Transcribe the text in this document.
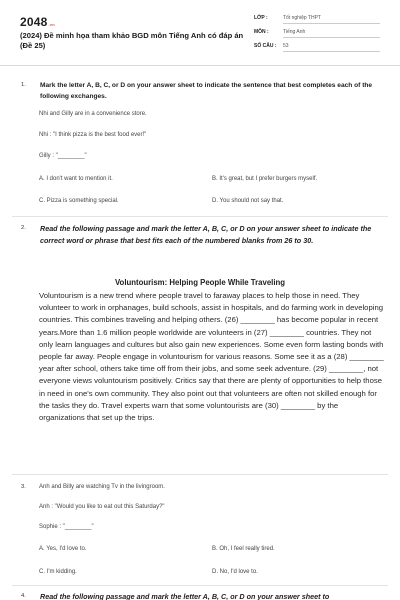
2048.vn
(2024) Đề minh họa tham khảo BGD môn Tiếng Anh có đáp án (Đề 25)
LỚP :	Tốt nghiệp THPT
MÔN :	Tiếng Anh
SỐ CÂU : 53
1. Mark the letter A, B, C, or D on your answer sheet to indicate the sentence that best completes each of the following exchanges.
Nhi and Gilly are in a convenience store.
Nhi : "I think pizza is the best food ever!"
Gilly : "________"
A. I don't want to mention it.	B. It's great, but I prefer burgers myself.
C. Pizza is something special.	D. You should not say that.
2. Read the following passage and mark the letter A, B, C, or D on your answer sheet to indicate the correct word or phrase that best fits each of the numbered blanks from 26 to 30.
Voluntourism: Helping People While Traveling
Voluntourism is a new trend where people travel to faraway places to help those in need. They volunteer to work in orphanages, build schools, assist in hospitals, and do farming work in developing countries. This combines traveling and helping others. (26) ________ has become popular in recent years.More than 1.6 million people worldwide are volunteers in (27) ________ countries. They not only learn languages and cultures but also gain new experiences. Some even form lasting bonds with people far away. People engage in voluntourism for various reasons. Some see it as a (28) ________ year after school, others take time off from their jobs, and some seek adventure. (29) ________, not everyone views voluntourism positively. Critics say that there are plenty of opportunities to help those in need in one's own community. They also point out that volunteers are often not skilled enough for the tasks they do. Travel experts warn that some voluntourists are (30) ________ by the organizations that set up the trips.
3. Anh and Billy are watching Tv in the livingroom.
Anh : "Would you like to eat out this Saturday?"
Sophie : "________"
A. Yes, I'd love to.	B. Oh, I feel really tired.
C. I'm kidding.	D. No, I'd love to.
4. Read the following passage and mark the letter A, B, C, or D on your answer sheet to
